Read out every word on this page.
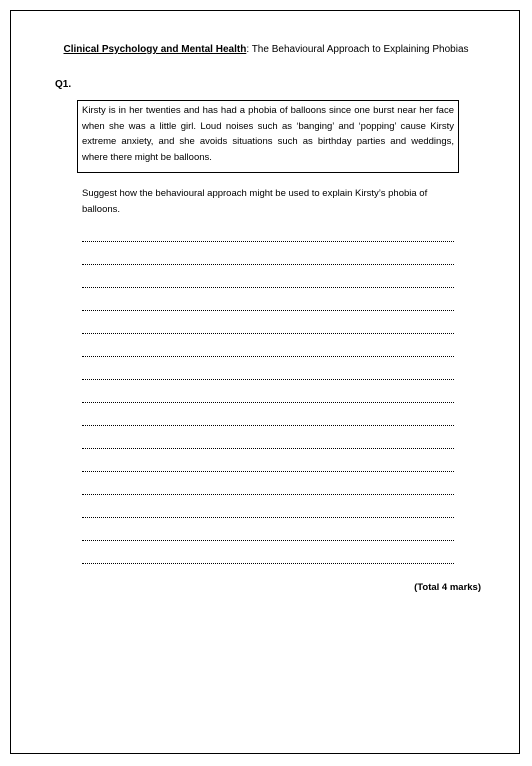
Clinical Psychology and Mental Health: The Behavioural Approach to Explaining Phobias
Q1.
Kirsty is in her twenties and has had a phobia of balloons since one burst near her face when she was a little girl. Loud noises such as ‘banging’ and ‘popping’ cause Kirsty extreme anxiety, and she avoids situations such as birthday parties and weddings, where there might be balloons.
Suggest how the behavioural approach might be used to explain Kirsty’s phobia of balloons.
(Total 4 marks)
